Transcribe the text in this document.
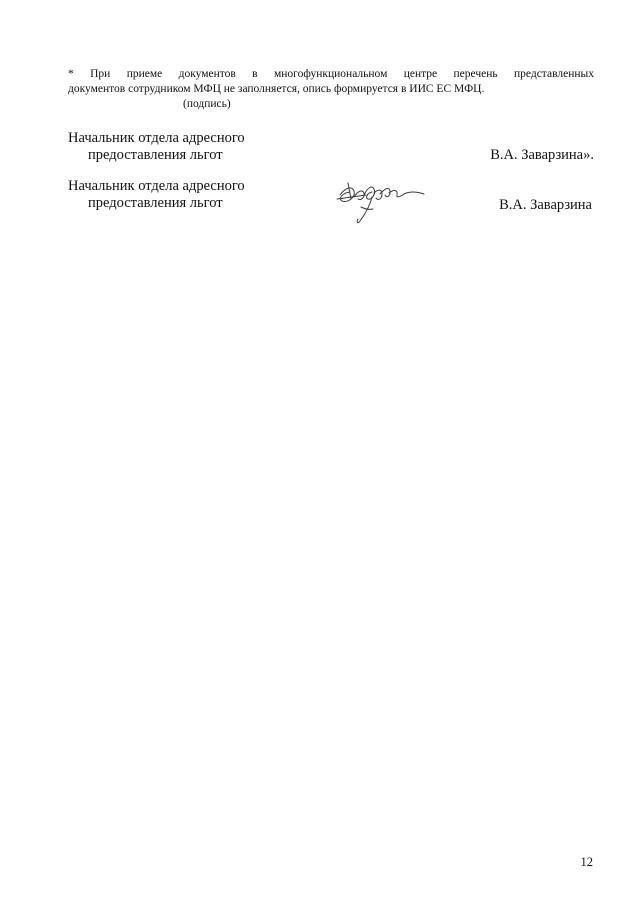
* При приеме документов в многофункциональном центре перечень представленных
документов сотрудником МФЦ не заполняется, опись формируется в ИИС ЕС МФЦ.
(подпись)
Начальник отдела адресного
предоставления льгот	В.А. Заварзина».
Начальник отдела адресного
предоставления льгот	В.А. Заварзина
12
